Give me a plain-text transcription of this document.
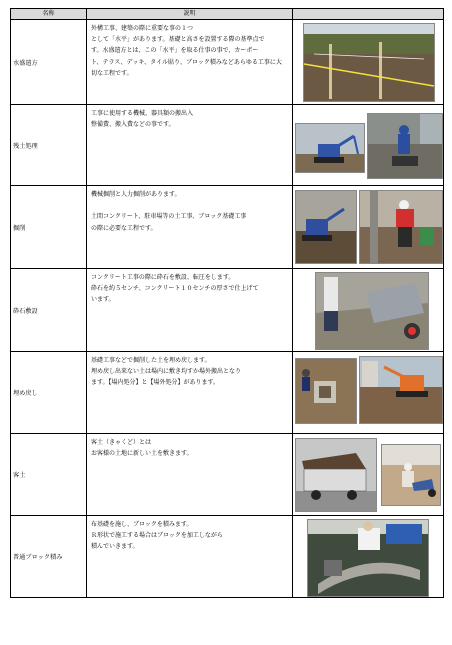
名称	説明	
水盛遣方	外構工事、建築の際に重要な事の１つ
として「水平」があります。基礎と高さを設置する際の基準点で
す。水盛遣方とは、この「水平」を取る仕事の事で、カーポー
ト、テラス、デッキ、タイル貼り、ブロック積みなどあらゆる工事に大
切な工程です。	

残土処理	工事に使用する機械、器具類の搬出入
整備費、搬入費などの事です。	

掘削	機械掘削と人力掘削があります。

土間コンクリート、駐車場等の土工事、ブロック基礎工事
の際に必要な工程です。	

砕石敷設	コンクリート工事の際に砕石を敷設、転圧をします。
砕石を約５センチ、コンクリート１０センチの厚さで仕上げて
います。	

埋め戻し	基礎工事などで掘削した土を埋め戻します。
埋め戻し出来ない土は場内に敷き均すか場外搬出となり
ます。【場内処分】と【場外処分】があります。	

客土	客土（きゃくど）とは
お客様の土地に新しい土を敷きます。	

普通ブロック積み	布基礎を施し、ブロックを積みます。
Ｒ形状で施工する場合はブロックを加工しながら
積んでいきます。	
